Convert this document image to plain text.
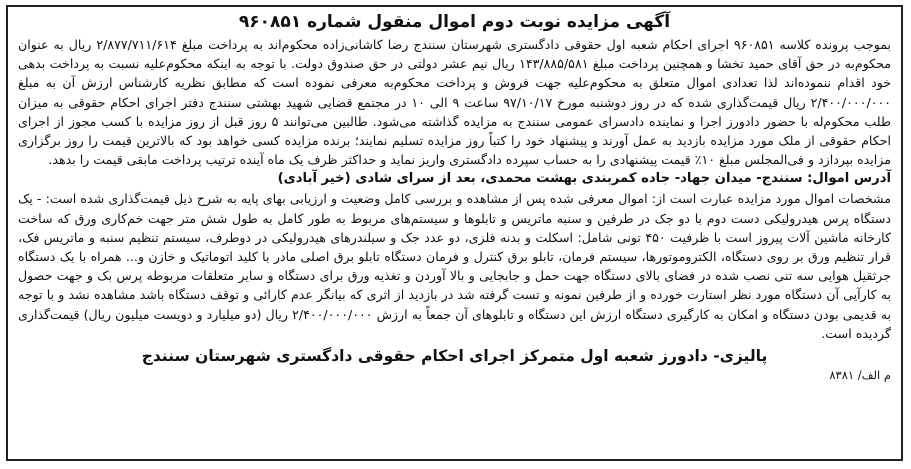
آگهی مزایده نوبت دوم اموال منقول شماره ۹۶۰۸۵۱

بموجب پرونده کلاسه ۹۶۰۸۵۱ اجرای احکام شعبه اول حقوقی دادگستری شهرستان سنندج رضا کاشانی‌زاده محکوم‌اند به پرداخت مبلغ ۲/۸۷۷/۷۱۱/۶۱۴ ریال به عنوان محکوم‌به در حق آقای حمید تخشا و همچنین پرداخت مبلغ ۱۴۳/۸۸۵/۵۸۱ ریال نیم عشر دولتی در حق صندوق دولت. با توجه به اینکه محکوم‌علیه نسبت به پرداخت بدهی خود اقدام ننموده‌اند لذا تعدادی اموال متعلق به محکوم‌علیه جهت فروش و پرداخت محکوم‌به معرفی نموده است که مطابق نظریه کارشناس ارزش آن به مبلغ ۲/۴۰۰/۰۰۰/۰۰۰ ریال قیمت‌گذاری شده که در روز دوشنبه مورخ ۹۷/۱۰/۱۷ ساعت ۹ الی ۱۰ در مجتمع قضایی شهید بهشتی سنندج دفتر اجرای احکام حقوقی به میزان طلب محکوم‌له با حضور دادورز اجرا و نماینده دادسرای عمومی سنندج به مزایده گذاشته می‌شود. طالبین می‌توانند ۵ روز قبل از روز مزایده با کسب مجوز از اجرای احکام حقوقی از ملک مورد مزایده بازدید به عمل آورند و پیشنهاد خود را کتباً روز مزایده تسلیم نمایند؛ برنده مزایده کسی خواهد بود که بالاترین قیمت را روز برگزاری مزایده بپردازد و فی‌المجلس مبلغ ۱۰٪ قیمت پیشنهادی را به حساب سپرده دادگستری واریز نماید و حداکثر ظرف یک ماه آینده ترتیب پرداخت مابقی قیمت را بدهد.

آدرس اموال: سنندج- میدان جهاد- جاده کمربندی بهشت محمدی، بعد از سرای شادی (خیر آبادی)

مشخصات اموال مورد مزایده عبارت است از: اموال معرفی شده پس از مشاهده و بررسی کامل وضعیت و ارزیابی بهای پایه به شرح ذیل قیمت‌گذاری شده است: - یک دستگاه پرس هیدرولیکی دست دوم با دو جک در طرفین و سنبه ماتریس و تابلوها و سیستم‌های مربوط به طور کامل به طول شش متر جهت خم‌کاری ورق که ساخت کارخانه ماشین آلات پیروز است با ظرفیت ۴۵۰ تونی شامل: اسکلت و بدنه فلزی، دو عدد جک و سیلندرهای هیدرولیکی در دوطرف، سیستم تنظیم سنبه و ماتریس فک، قرار تنظیم ورق بر روی دستگاه، الکتروموتورها، سیستم فرمان، تابلو برق کنترل و فرمان دستگاه تابلو برق اصلی مادر با کلید اتوماتیک و خازن و... همراه با یک دستگاه جرثقیل هوایی سه تنی نصب شده در فضای بالای دستگاه جهت حمل و جابجایی و بالا آوردن و تغذیه ورق برای دستگاه و سایر متعلقات مربوطه پرس بک و جهت حصول به کارآیی آن دستگاه مورد نظر استارت خورده و از طرفین نمونه و تست گرفته شد در بازدید از اثری که بیانگر عدم کارائی و توقف دستگاه باشد مشاهده نشد و با توجه به قدیمی بودن دستگاه و امکان به کارگیری دستگاه ارزش این دستگاه و تابلوهای آن جمعاً به ارزش ۲/۴۰۰/۰۰۰/۰۰۰ ریال (دو میلیارد و دویست میلیون ریال) قیمت‌گذاری گردیده است.

پالیزی- دادورز شعبه اول متمرکز اجرای احکام حقوقی دادگستری شهرستان سنندج
م الف/ ۸۳۸۱
